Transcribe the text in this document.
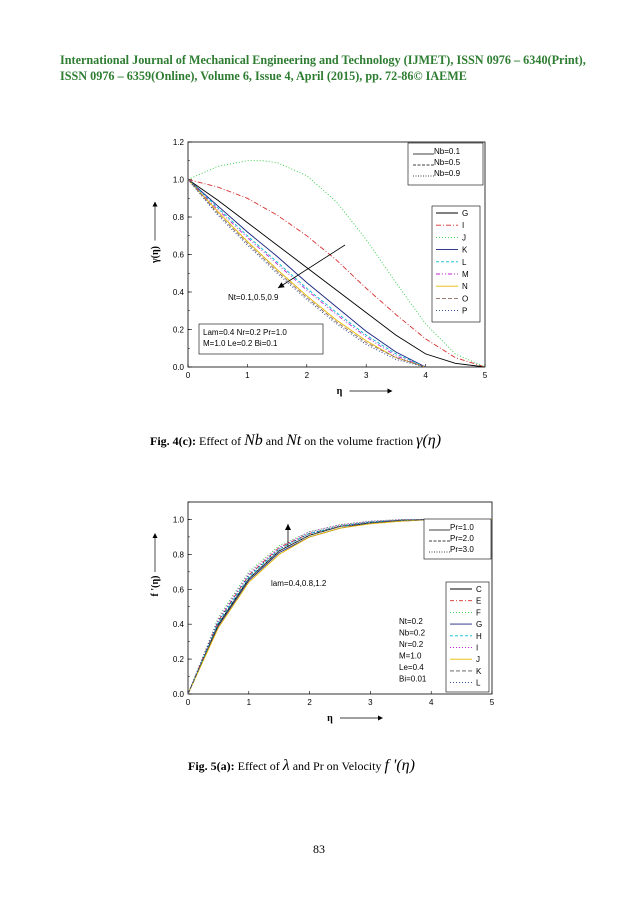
International Journal of Mechanical Engineering and Technology (IJMET), ISSN 0976 – 6340(Print),
ISSN 0976 – 6359(Online), Volume 6, Issue 4, April (2015), pp. 72-86© IAEME
0	1	2	3	4	5
0.0
0.2
0.4
0.6
0.8
1.0
1.2
η
γ(η)
Nb=0.1
Nb=0.5
Nb=0.9
G
I
J
K
L
M
N
O
P
Nt=0.1,0.5,0.9
Lam=0.4 Nr=0.2 Pr=1.0
M=1.0 Le=0.2 Bi=0.1
Fig. 4(c): Effect of Nb and Nt on the volume fraction γ(η)
0	1	2	3	4	5
0.0
0.2
0.4
0.6
0.8
1.0
η
f '(η)
Pr=1.0
Pr=2.0
Pr=3.0
C
E
F
G
H
I
J
K
L
lam=0.4,0.8,1.2
Nt=0.2
Nb=0.2
Nr=0.2
M=1.0
Le=0.4
Bi=0.01
Fig. 5(a): Effect of λ and Pr on Velocity f '(η)
83
